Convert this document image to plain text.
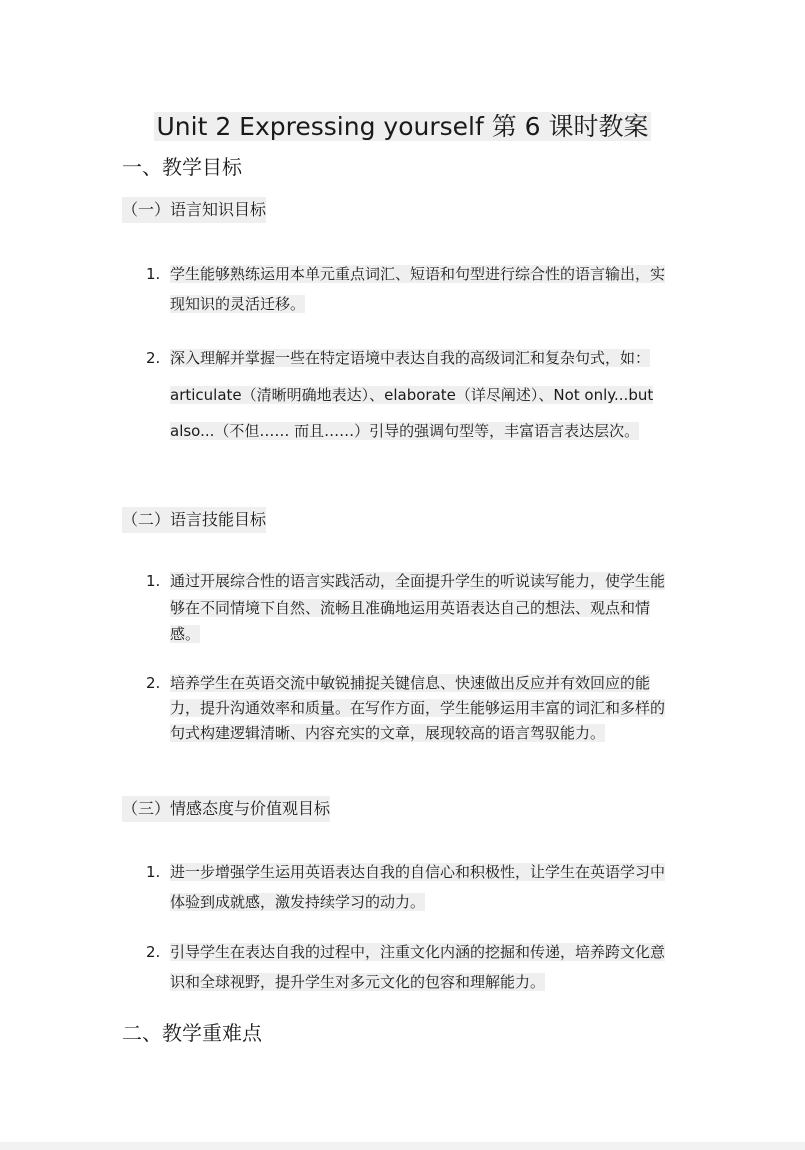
Unit 2 Expressing yourself 第 6 课时教案
一、教学目标
（一）语言知识目标
1. 学生能够熟练运用本单元重点词汇、短语和句型进行综合性的语言输出，实现知识的灵活迁移。
2. 深入理解并掌握一些在特定语境中表达自我的高级词汇和复杂句式，如：articulate（清晰明确地表达）、elaborate（详尽阐述）、Not only...but also...（不但…… 而且……）引导的强调句型等，丰富语言表达层次。
（二）语言技能目标
1. 通过开展综合性的语言实践活动，全面提升学生的听说读写能力，使学生能够在不同情境下自然、流畅且准确地运用英语表达自己的想法、观点和情感。
2. 培养学生在英语交流中敏锐捕捉关键信息、快速做出反应并有效回应的能力，提升沟通效率和质量。在写作方面，学生能够运用丰富的词汇和多样的句式构建逻辑清晰、内容充实的文章，展现较高的语言驾驭能力。
（三）情感态度与价值观目标
1. 进一步增强学生运用英语表达自我的自信心和积极性，让学生在英语学习中体验到成就感，激发持续学习的动力。
2. 引导学生在表达自我的过程中，注重文化内涵的挖掘和传递，培养跨文化意识和全球视野，提升学生对多元文化的包容和理解能力。
二、教学重难点
